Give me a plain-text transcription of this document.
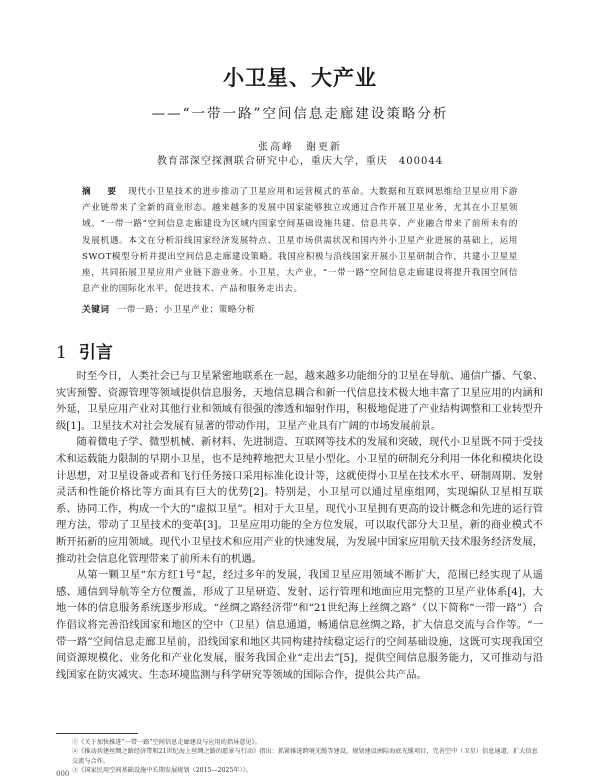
小卫星、大产业
——“一带一路”空间信息走廊建设策略分析
张高峰　谢更新
教育部深空探测联合研究中心，重庆大学，重庆　400044
摘　要 现代小卫星技术的进步推动了卫星应用和运营模式的革命。大数据和互联网思维给卫星应用下游产业链带来了全新的商业形态。越来越多的发展中国家能够独立或通过合作开展卫星业务，尤其在小卫星领域。“一带一路”空间信息走廊建设为区域内国家空间基础设施共建、信息共享、产业融合带来了前所未有的发展机遇。本文在分析沿线国家经济发展特点、卫星市场供需状况和国内外小卫星产业进展的基础上，运用SWOT模型分析并提出空间信息走廊建设策略。我国应积极与沿线国家开展小卫星研制合作，共建小卫星星座，共同拓展卫星应用产业链下游业务。小卫星，大产业，“一带一路”空间信息走廊建设将提升我国空间信息产业的国际化水平，促进技术、产品和服务走出去。
关键词 一带一路；小卫星产业；策略分析
1 引言

时至今日，人类社会已与卫星紧密地联系在一起，越来越多功能细分的卫星在导航、通信广播、气象、灾害预警、资源管理等领域提供信息服务，天地信息耦合和新一代信息技术极大地丰富了卫星应用的内涵和外延，卫星应用产业对其他行业和领域有很强的渗透和辐射作用，积极地促进了产业结构调整和工业转型升级[1]。卫星技术对社会发展有显著的带动作用，卫星产业具有广阔的市场发展前景。

随着微电子学、微型机械、新材料、先进制造、互联网等技术的发展和突破，现代小卫星既不同于受技术和运载能力限制的早期小卫星，也不是纯粹地把大卫星小型化。小卫星的研制充分利用一体化和模块化设计思想，对卫星设备或者和飞行任务接口采用标准化设计等，这就使得小卫星在技术水平、研制周期、发射灵活和性能价格比等方面具有巨大的优势[2]。特别是，小卫星可以通过星座组网，实现编队卫星相互联系、协同工作，构成一个大的“虚拟卫星”。相对于大卫星，现代小卫星拥有更高的设计概念和先进的运行管理方法，带动了卫星技术的变革[3]。卫星应用功能的全方位发展，可以取代部分大卫星，新的商业模式不断开拓新的应用领域。现代小卫星技术和应用产业的快速发展，为发展中国家应用航天技术服务经济发展，推动社会信息化管理带来了前所未有的机遇。

从第一颗卫星“东方红1号”起，经过多年的发展，我国卫星应用领域不断扩大，范围已经实现了从遥感、通信到导航等全方位覆盖，形成了卫星研造、发射、运行管理和地面应用完整的卫星产业体系[4]，大地一体的信息服务系统逐步形成。“丝绸之路经济带”和“21世纪海上丝绸之路”（以下简称“一带一路”）合作倡议将完善沿线国家和地区的空中（卫星）信息通道，畅通信息丝绸之路，扩大信息交流与合作等。“一带一路”空间信息走廊卫星前，沿线国家和地区共同构建持续稳定运行的空间基础设施，这既可实现我国空间资源规模化、业务化和产业化发展，服务我国企业“走出去”[5]，提供空间信息服务能力，又可推动与沿线国家在防灾减灾、生态环境监测与科学研究等领域的国际合作，提供公共产品。

①《关于加快推进“一带一路”空间信息走廊建设与应用的指导意见》。

②《推动共建丝绸之路经济带和21世纪海上丝绸之路的愿景与行动》指出：抓紧推进跨境光缆等建设，规划建设洲际海底光缆项目，完善空中（卫星）信息通道，扩大信息交流与合作。

③《国家民用空间基础设施中长期发展规划（2015—2025年）》。

000
